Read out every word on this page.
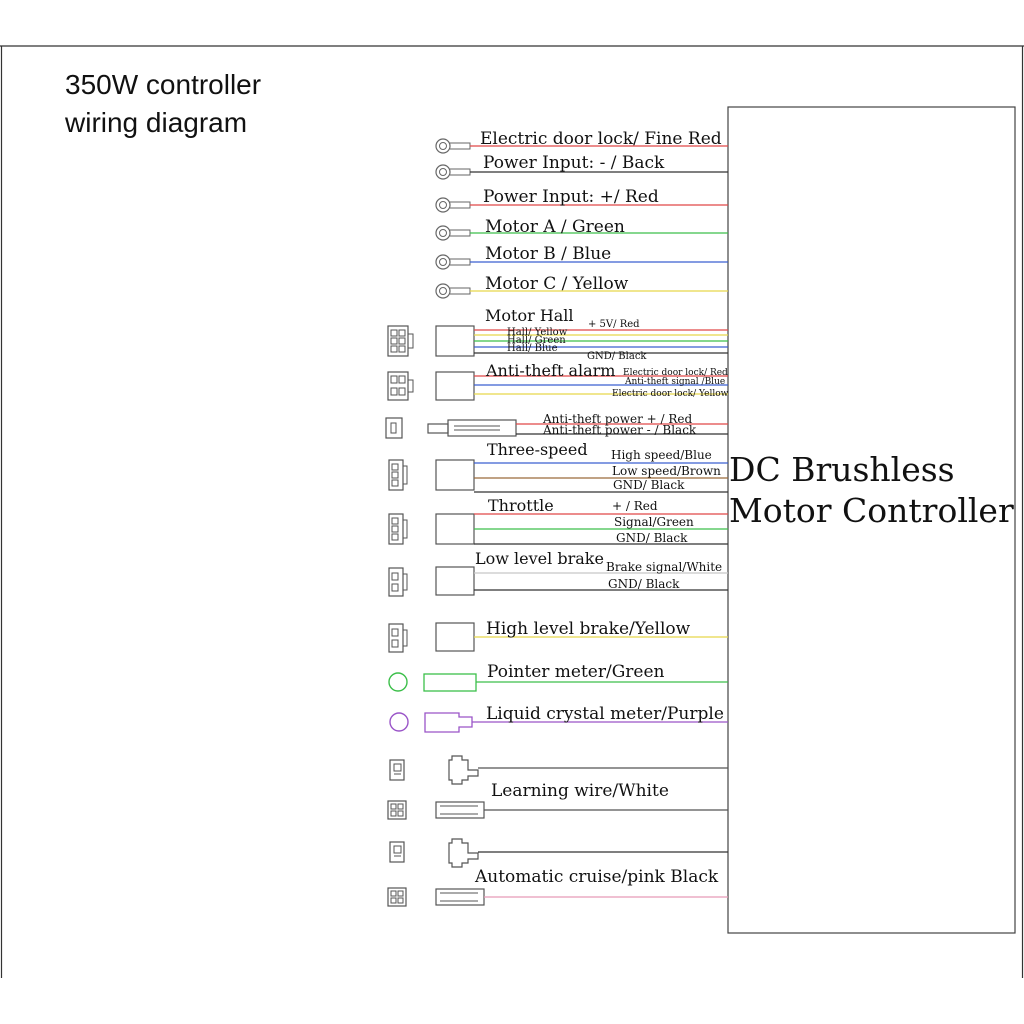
350W controller
wiring diagram
DC Brushless
Motor Controller
Electric door lock/ Fine Red
Power Input: - / Back
Power Input: +/ Red
Motor A / Green
Motor B / Blue
Motor C / Yellow
Motor Hall + 5V/ Red
Hall/ Yellow
Hall/ Green
Hall/ Blue
GND/ Black
Anti-theft alarm Electric door lock/ Red
Anti-theft signal /Blue
Electric door lock/ Yellow
Anti-theft power + / Red
Anti-theft power - / Black
Three-speed High speed/Blue
Low speed/Brown
GND/ Black
Throttle	+ / Red
Signal/Green
GND/ Black
Low level brake Brake signal/White
GND/ Black
High level brake/Yellow
Pointer meter/Green
Liquid crystal meter/Purple
Learning wire/White
Automatic cruise/pink Black
